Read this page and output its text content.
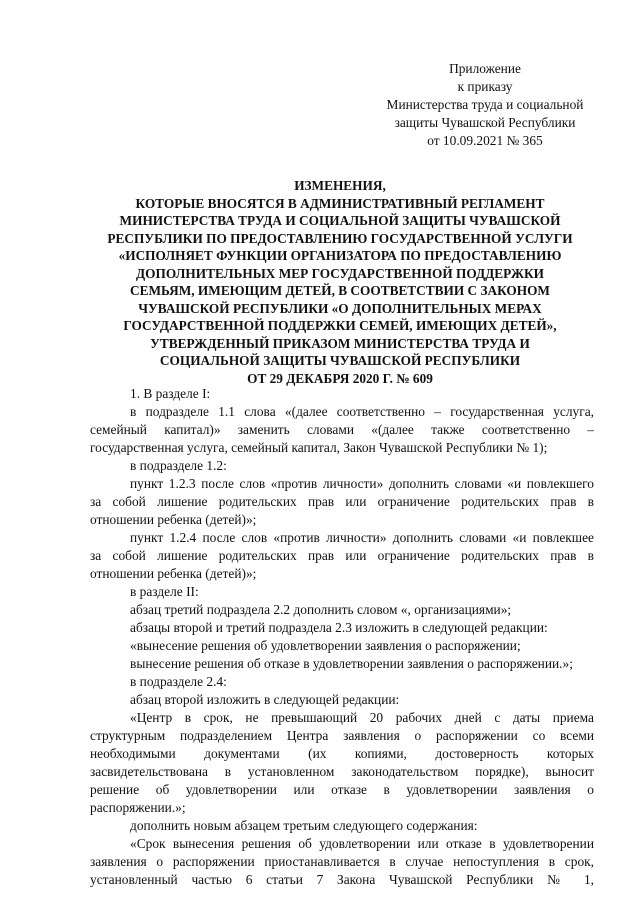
Приложение
к приказу
Министерства труда и социальной
защиты Чувашской Республики
от 10.09.2021 № 365
ИЗМЕНЕНИЯ,
КОТОРЫЕ ВНОСЯТСЯ В АДМИНИСТРАТИВНЫЙ РЕГЛАМЕНТ
МИНИСТЕРСТВА ТРУДА И СОЦИАЛЬНОЙ ЗАЩИТЫ ЧУВАШСКОЙ
РЕСПУБЛИКИ ПО ПРЕДОСТАВЛЕНИЮ ГОСУДАРСТВЕННОЙ УСЛУГИ
«ИСПОЛНЯЕТ ФУНКЦИИ ОРГАНИЗАТОРА ПО ПРЕДОСТАВЛЕНИЮ
ДОПОЛНИТЕЛЬНЫХ МЕР ГОСУДАРСТВЕННОЙ ПОДДЕРЖКИ
СЕМЬЯМ, ИМЕЮЩИМ ДЕТЕЙ, В СООТВЕТСТВИИ С ЗАКОНОМ
ЧУВАШСКОЙ РЕСПУБЛИКИ «О ДОПОЛНИТЕЛЬНЫХ МЕРАХ
ГОСУДАРСТВЕННОЙ ПОДДЕРЖКИ СЕМЕЙ, ИМЕЮЩИХ ДЕТЕЙ»,
УТВЕРЖДЕННЫЙ ПРИКАЗОМ МИНИСТЕРСТВА ТРУДА И
СОЦИАЛЬНОЙ ЗАЩИТЫ ЧУВАШСКОЙ РЕСПУБЛИКИ
ОТ 29 ДЕКАБРЯ 2020 Г. № 609
1. В разделе I:
в подразделе 1.1 слова «(далее соответственно – государственная услуга,
семейный капитал)» заменить словами «(далее также соответственно –
государственная услуга, семейный капитал, Закон Чувашской Республики № 1);
в подразделе 1.2:
пункт 1.2.3 после слов «против личности» дополнить словами «и повлекшего
за собой лишение родительских прав или ограничение родительских прав в
отношении ребенка (детей)»;
пункт 1.2.4 после слов «против личности» дополнить словами «и повлекшее
за собой лишение родительских прав или ограничение родительских прав в
отношении ребенка (детей)»;
в разделе II:
абзац третий подраздела 2.2 дополнить словом «, организациями»;
абзацы второй и третий подраздела 2.3 изложить в следующей редакции:
«вынесение решения об удовлетворении заявления о распоряжении;
вынесение решения об отказе в удовлетворении заявления о распоряжении.»;
в подразделе 2.4:
абзац второй изложить в следующей редакции:
«Центр в срок, не превышающий 20 рабочих дней с даты приема
структурным подразделением Центра заявления о распоряжении со всеми
необходимыми документами (их копиями, достоверность которых
засвидетельствована в установленном законодательством порядке), выносит
решение об удовлетворении или отказе в удовлетворении заявления о
распоряжении.»;
дополнить новым абзацем третьим следующего содержания:
«Срок вынесения решения об удовлетворении или отказе в удовлетворении
заявления о распоряжении приостанавливается в случае непоступления в срок,
установленный частью 6 статьи 7 Закона Чувашской Республики № 1,
